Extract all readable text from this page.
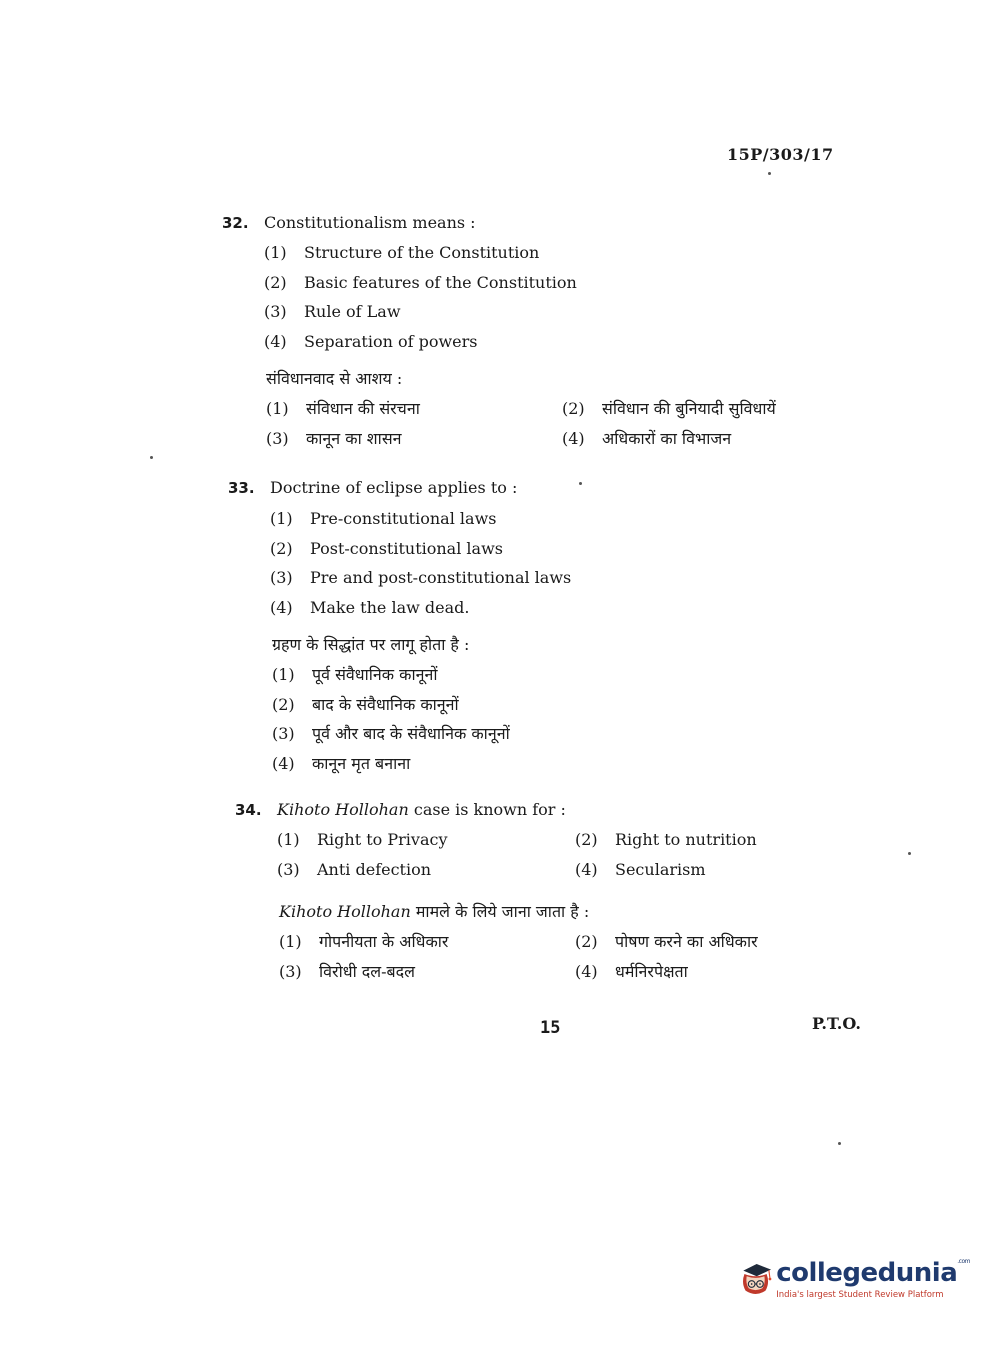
15P/303/17
32. Constitutionalism means :
(1)	Structure of the Constitution
(2)	Basic features of the Constitution
(3)	Rule of Law
(4)	Separation of powers
संविधानवाद से आशय :
(1)	संविधान की संरचना	(2)	संविधान की बुनियादी सुविधायें
(3)	कानून का शासन	(4)	अधिकारों का विभाजन
33. Doctrine of eclipse applies to :
(1)	Pre-constitutional laws
(2)	Post-constitutional laws
(3)	Pre and post-constitutional laws
(4)	Make the law dead.
ग्रहण के सिद्धांत पर लागू होता है :
(1)	पूर्व संवैधानिक कानूनों
(2)	बाद के संवैधानिक कानूनों
(3)	पूर्व और बाद के संवैधानिक कानूनों
(4)	कानून मृत बनाना
34. Kihoto Hollohan case is known for :
(1)	Right to Privacy	(2)	Right to nutrition
(3)	Anti defection	(4)	Secularism
Kihoto Hollohan मामले के लिये जाना जाता है :
(1)	गोपनीयता के अधिकार	(2)	पोषण करने का अधिकार
(3)	विरोधी दल-बदल	(4)	धर्मनिरपेक्षता
15	P.T.O.
collegedunia$^{.com}$
India's largest Student Review Platform
